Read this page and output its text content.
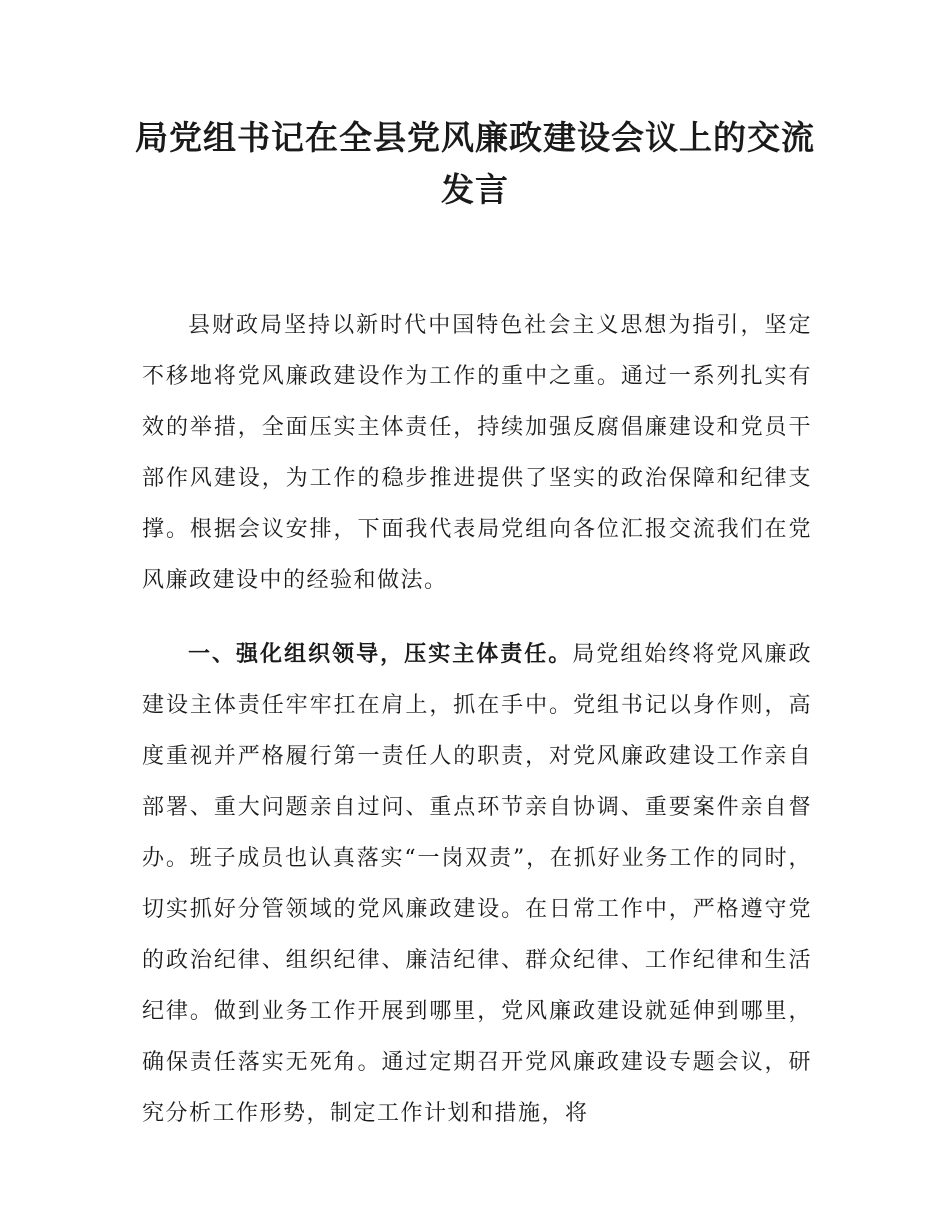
局党组书记在全县党风廉政建设会议上的交流发言

县财政局坚持以新时代中国特色社会主义思想为指引，坚定不移地将党风廉政建设作为工作的重中之重。通过一系列扎实有效的举措，全面压实主体责任，持续加强反腐倡廉建设和党员干部作风建设，为工作的稳步推进提供了坚实的政治保障和纪律支撑。根据会议安排，下面我代表局党组向各位汇报交流我们在党风廉政建设中的经验和做法。

一、强化组织领导，压实主体责任。局党组始终将党风廉政建设主体责任牢牢扛在肩上，抓在手中。党组书记以身作则，高度重视并严格履行第一责任人的职责，对党风廉政建设工作亲自部署、重大问题亲自过问、重点环节亲自协调、重要案件亲自督办。班子成员也认真落实“一岗双责”，在抓好业务工作的同时，切实抓好分管领域的党风廉政建设。在日常工作中，严格遵守党的政治纪律、组织纪律、廉洁纪律、群众纪律、工作纪律和生活纪律。做到业务工作开展到哪里，党风廉政建设就延伸到哪里，确保责任落实无死角。通过定期召开党风廉政建设专题会议，研究分析工作形势，制定工作计划和措施，将
